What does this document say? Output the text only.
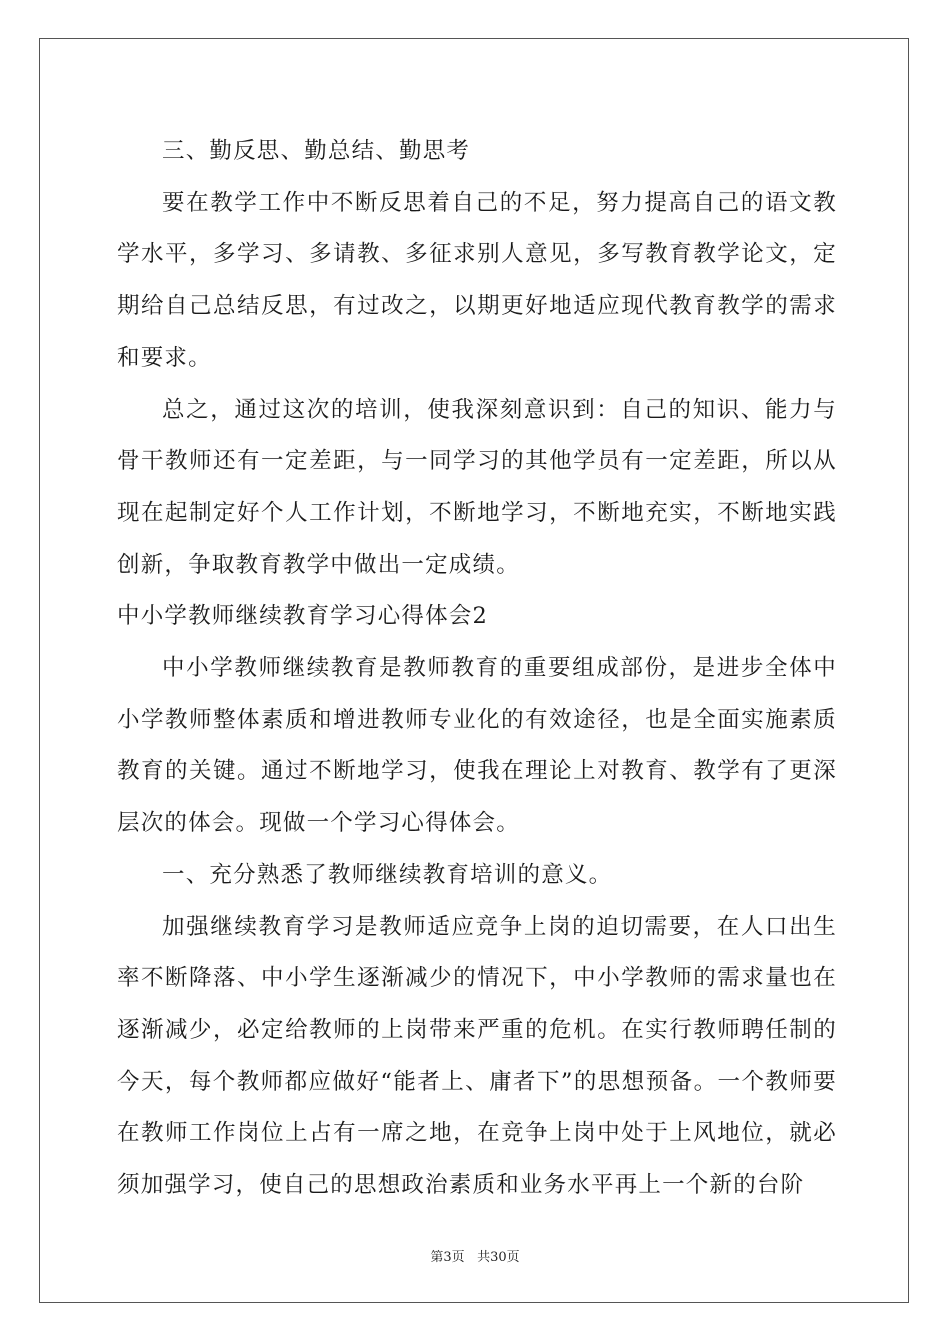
三、勤反思、勤总结、勤思考

要在教学工作中不断反思着自己的不足，努力提高自己的语文教学水平，多学习、多请教、多征求别人意见，多写教育教学论文，定期给自己总结反思，有过改之，以期更好地适应现代教育教学的需求和要求。

总之，通过这次的培训，使我深刻意识到：自己的知识、能力与骨干教师还有一定差距，与一同学习的其他学员有一定差距，所以从现在起制定好个人工作计划，不断地学习，不断地充实，不断地实践创新，争取教育教学中做出一定成绩。

中小学教师继续教育学习心得体会2

中小学教师继续教育是教师教育的重要组成部份，是进步全体中小学教师整体素质和增进教师专业化的有效途径，也是全面实施素质教育的关键。通过不断地学习，使我在理论上对教育、教学有了更深层次的体会。现做一个学习心得体会。

一、充分熟悉了教师继续教育培训的意义。

加强继续教育学习是教师适应竞争上岗的迫切需要，在人口出生率不断降落、中小学生逐渐减少的情况下，中小学教师的需求量也在逐渐减少，必定给教师的上岗带来严重的危机。在实行教师聘任制的今天，每个教师都应做好“能者上、庸者下”的思想预备。一个教师要在教师工作岗位上占有一席之地，在竞争上岗中处于上风地位，就必须加强学习，使自己的思想政治素质和业务水平再上一个新的台阶

第3页 共30页
